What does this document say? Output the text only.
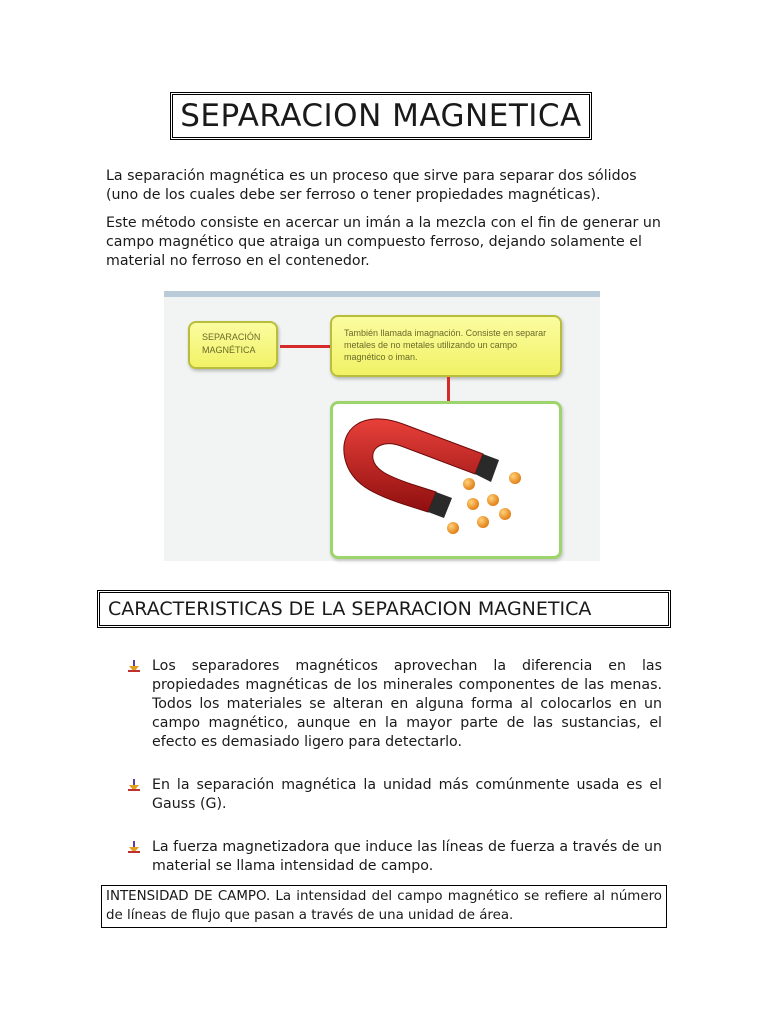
SEPARACION MAGNETICA

La separación magnética es un proceso que sirve para separar dos sólidos (uno de los cuales debe ser ferroso o tener propiedades magnéticas).

Este método consiste en acercar un imán a la mezcla con el fin de generar un campo magnético que atraiga un compuesto ferroso, dejando solamente el material no ferroso en el contenedor.

SEPARACIÓN MAGNÉTICA
También llamada imagnación. Consiste en separar metales de no metales utilizando un campo magnético o iman.
CARACTERISTICAS DE LA SEPARACION MAGNETICA
Los separadores magnéticos aprovechan la diferencia en las propiedades magnéticas de los minerales componentes de las menas. Todos los materiales se alteran en alguna forma al colocarlos en un campo magnético, aunque en la mayor parte de las sustancias, el efecto es demasiado ligero para detectarlo.
En la separación magnética la unidad más comúnmente usada es el Gauss (G).
La fuerza magnetizadora que induce las líneas de fuerza a través de un material se llama intensidad de campo.
INTENSIDAD DE CAMPO. La intensidad del campo magnético se refiere al número de líneas de flujo que pasan a través de una unidad de área.
